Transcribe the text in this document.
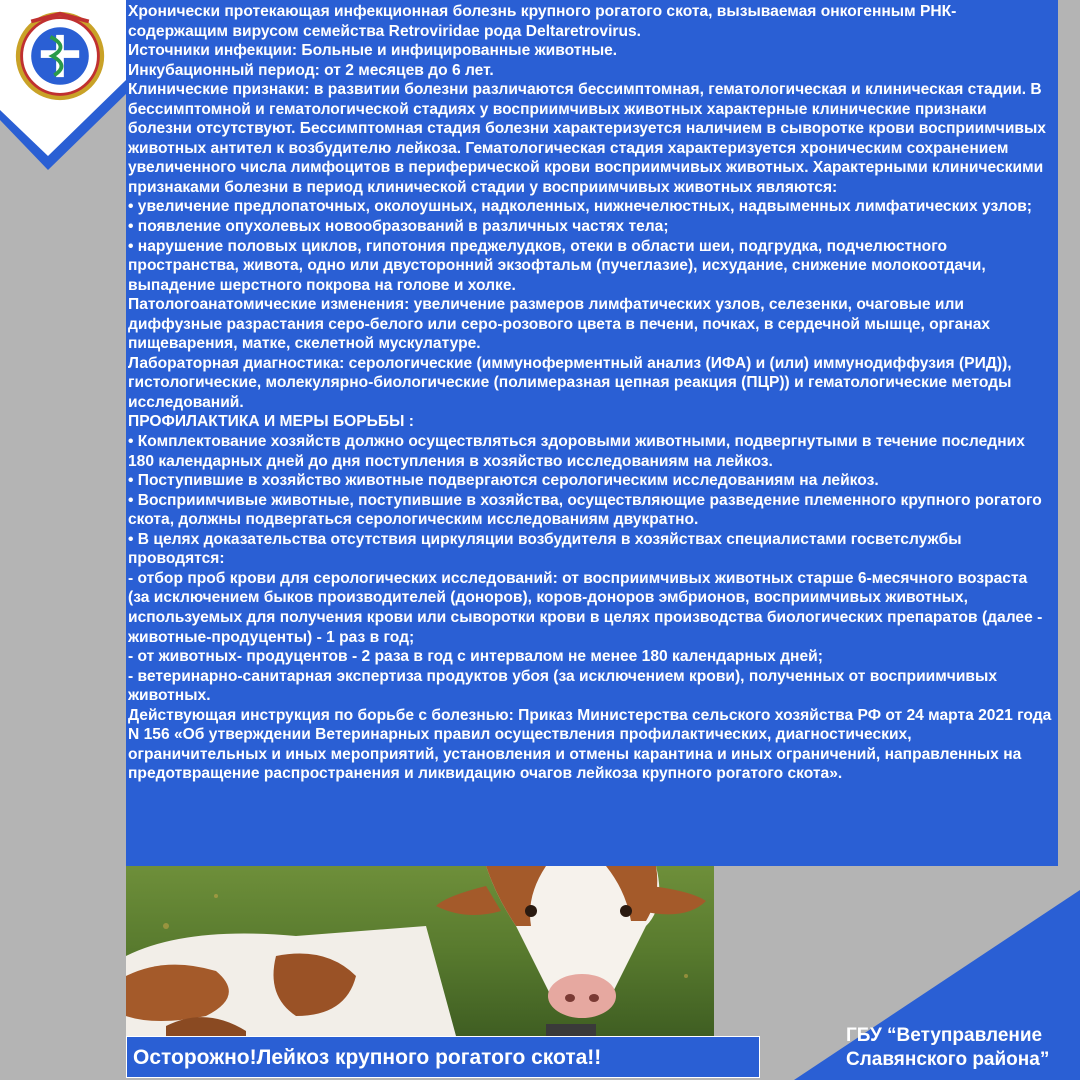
Хронически протекающая инфекционная болезнь крупного рогатого скота, вызываемая онкогенным РНК-содержащим вирусом семейства Retroviridae рода Deltaretrovirus.

Источники инфекции: Больные и инфицированные животные.

Инкубационный период: от 2 месяцев до 6 лет.

Клинические признаки: в развитии болезни различаются бессимптомная, гематологическая и клиническая стадии. В бессимптомной и гематологической стадиях у восприимчивых животных характерные клинические признаки болезни отсутствуют. Бессимптомная стадия болезни характеризуется наличием в сыворотке крови восприимчивых животных антител к возбудителю лейкоза. Гематологическая стадия характеризуется хроническим сохранением увеличенного числа лимфоцитов в периферической крови восприимчивых животных. Характерными клиническими признаками болезни в период клинической стадии у восприимчивых животных являются:

• увеличение предлопаточных, околоушных, надколенных, нижнечелюстных, надвыменных лимфатических узлов;

• появление опухолевых новообразований в различных частях тела;

• нарушение половых циклов, гипотония преджелудков, отеки в области шеи, подгрудка, подчелюстного пространства, живота, одно или двусторонний экзофтальм (пучеглазие), исхудание, снижение молокоотдачи, выпадение шерстного покрова на голове и холке.

Патологоанатомические изменения: увеличение размеров лимфатических узлов, селезенки, очаговые или диффузные разрастания серо-белого или серо-розового цвета в печени, почках, в сердечной мышце, органах пищеварения, матке, скелетной мускулатуре.

Лабораторная диагностика: серологические (иммуноферментный анализ (ИФА) и (или) иммунодиффузия (РИД)), гистологические, молекулярно-биологические (полимеразная цепная реакция (ПЦР)) и гематологические методы исследований.

ПРОФИЛАКТИКА И МЕРЫ БОРЬБЫ :

• Комплектование хозяйств должно осуществляться здоровыми животными, подвергнутыми в течение последних 180 календарных дней до дня поступления в хозяйство исследованиям на лейкоз.

• Поступившие в хозяйство животные подвергаются серологическим исследованиям на лейкоз.

• Восприимчивые животные, поступившие в хозяйства, осуществляющие разведение племенного крупного рогатого скота, должны подвергаться серологическим исследованиям двукратно.

• В целях доказательства отсутствия циркуляции возбудителя в хозяйствах специалистами госветслужбы проводятся:

- отбор проб крови для серологических исследований: от восприимчивых животных старше 6-месячного возраста (за исключением быков производителей (доноров), коров-доноров эмбрионов, восприимчивых животных, используемых для получения крови или сыворотки крови в целях производства биологических препаратов (далее - животные-продуценты) - 1 раз в год;

- от животных- продуцентов - 2 раза в год с интервалом не менее 180 календарных дней;

- ветеринарно-санитарная экспертиза продуктов убоя (за исключением крови), полученных от восприимчивых животных.

Действующая инструкция по борьбе с болезнью: Приказ Министерства сельского хозяйства РФ от 24 марта 2021 года N 156 «Об утверждении Ветеринарных правил осуществления профилактических, диагностических, ограничительных и иных мероприятий, установления и отмены карантина и иных ограничений, направленных на предотвращение распространения и ликвидацию очагов лейкоза крупного рогатого скота».

ГБУ “Ветуправление Славянского района”
Осторожно!Лейкоз крупного рогатого скота!!
